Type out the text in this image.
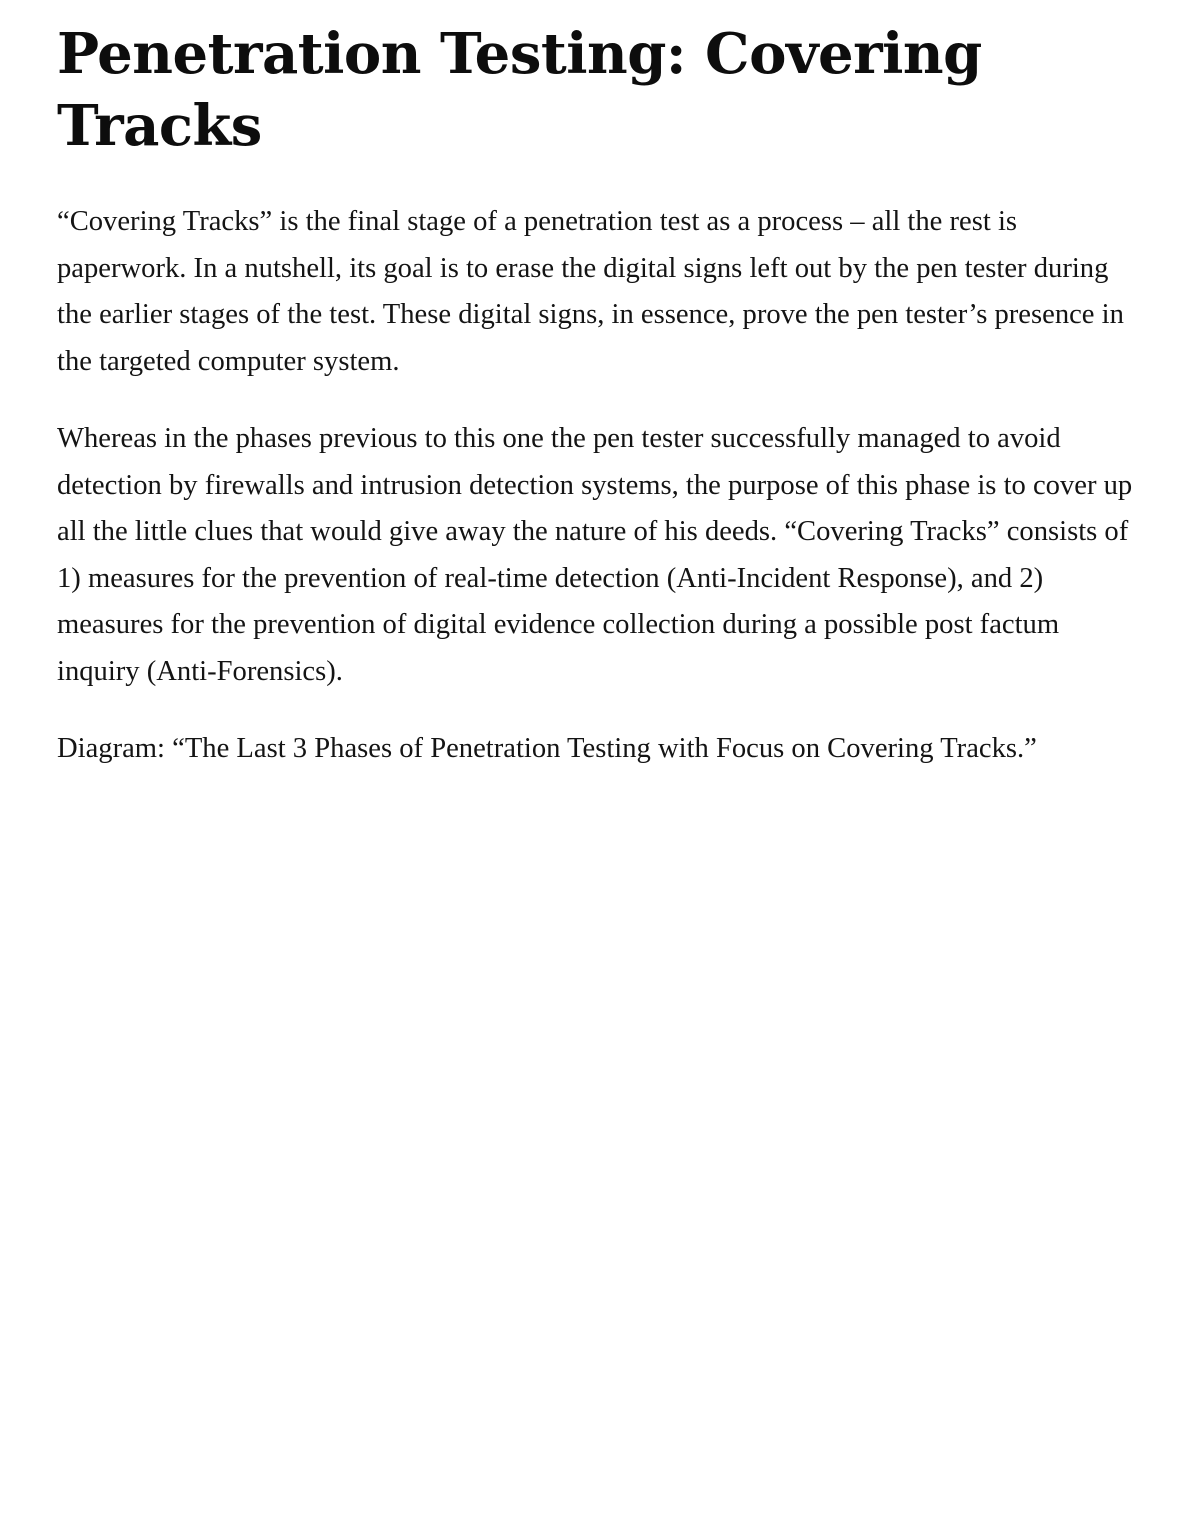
Penetration Testing: Covering Tracks

“Covering Tracks” is the final stage of a penetration test as a process – all the rest is paperwork. In a nutshell, its goal is to erase the digital signs left out by the pen tester during the earlier stages of the test. These digital signs, in essence, prove the pen tester’s presence in the targeted computer system.

Whereas in the phases previous to this one the pen tester successfully managed to avoid detection by firewalls and intrusion detection systems, the purpose of this phase is to cover up all the little clues that would give away the nature of his deeds. “Covering Tracks” consists of 1) measures for the prevention of real-time detection (Anti-Incident Response), and 2) measures for the prevention of digital evidence collection during a possible post factum inquiry (Anti-Forensics).

Diagram: “The Last 3 Phases of Penetration Testing with Focus on Covering Tracks.”
